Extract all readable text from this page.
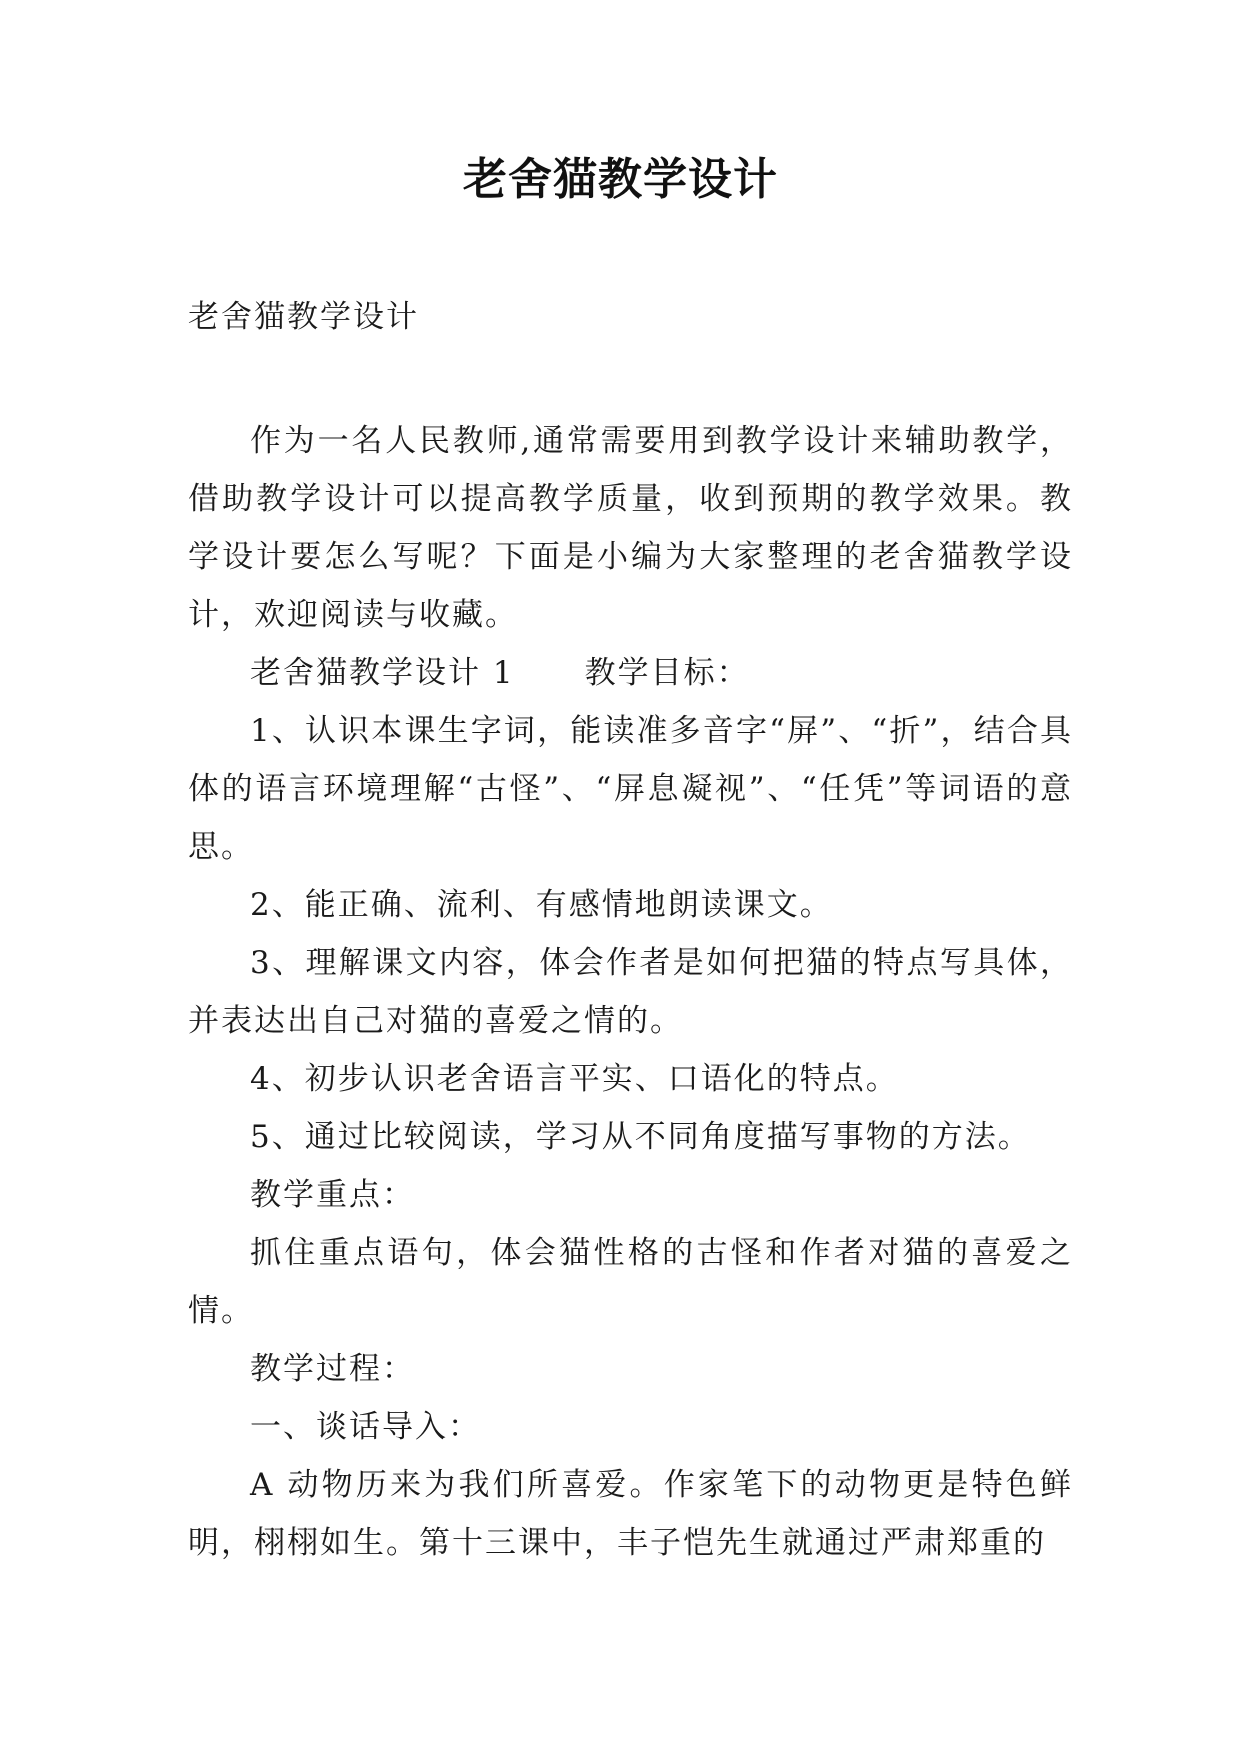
老舍猫教学设计

老舍猫教学设计

作为一名人民教师,通常需要用到教学设计来辅助教学，借助教学设计可以提高教学质量，收到预期的教学效果。教学设计要怎么写呢？下面是小编为大家整理的老舍猫教学设计，欢迎阅读与收藏。

老舍猫教学设计 1 教学目标：

1、认识本课生字词，能读准多音字“屏”、“折”，结合具体的语言环境理解“古怪”、“屏息凝视”、“任凭”等词语的意思。

2、能正确、流利、有感情地朗读课文。

3、理解课文内容，体会作者是如何把猫的特点写具体，并表达出自己对猫的喜爱之情的。

4、初步认识老舍语言平实、口语化的特点。

5、通过比较阅读，学习从不同角度描写事物的方法。

教学重点：

抓住重点语句，体会猫性格的古怪和作者对猫的喜爱之情。

教学过程：

一、谈话导入：

A 动物历来为我们所喜爱。作家笔下的动物更是特色鲜明，栩栩如生。第十三课中，丰子恺先生就通过严肃郑重的
